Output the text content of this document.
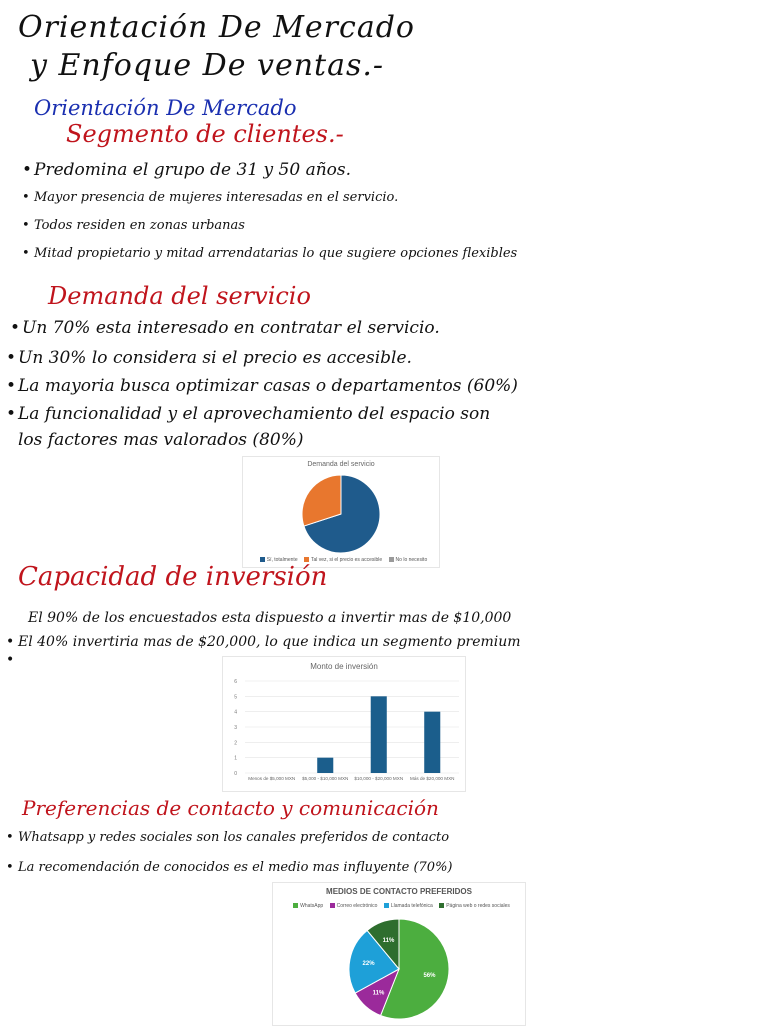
Orientación De Mercado
y Enfoque De ventas.-
Orientación De Mercado
Segmento de clientes.-
• Predomina el grupo de 31 y 50 años.
• Mayor presencia de mujeres interesadas en el servicio.
• Todos residen en zonas urbanas
• Mitad propietario y mitad arrendatarias lo que sugiere opciones flexibles
Demanda del servicio
• Un 70% esta interesado en contratar el servicio.
• Un 30% lo considera si el precio es accesible.
• La mayoria busca optimizar casas o departamentos (60%)
• La funcionalidad y el aprovechamiento del espacio son
los factores mas valorados (80%)
Demanda del servicio
Sí, totalmente	Tal vez, si el precio es accesible	No lo necesito
Capacidad de inversión
El 90% de los encuestados esta dispuesto a invertir mas de $10,000
• El 40% invertiria mas de $20,000, lo que indica un segmento premium
•	Monto de inversión
0
1
2
3
4
5
6
Menos de $5,000 MXN $5,000 - $10,000 MXN $10,000 - $20,000 MXN Más de $20,000 MXN
Preferencias de contacto y comunicación
• Whatsapp y redes sociales son los canales preferidos de contacto
• La recomendación de conocidos es el medio mas influyente (70%)
MEDIOS DE CONTACTO PREFERIDOS
WhatsApp	Correo electrónico	Llamada telefónica	Página web o redes sociales
56%
11%
22%
11%
